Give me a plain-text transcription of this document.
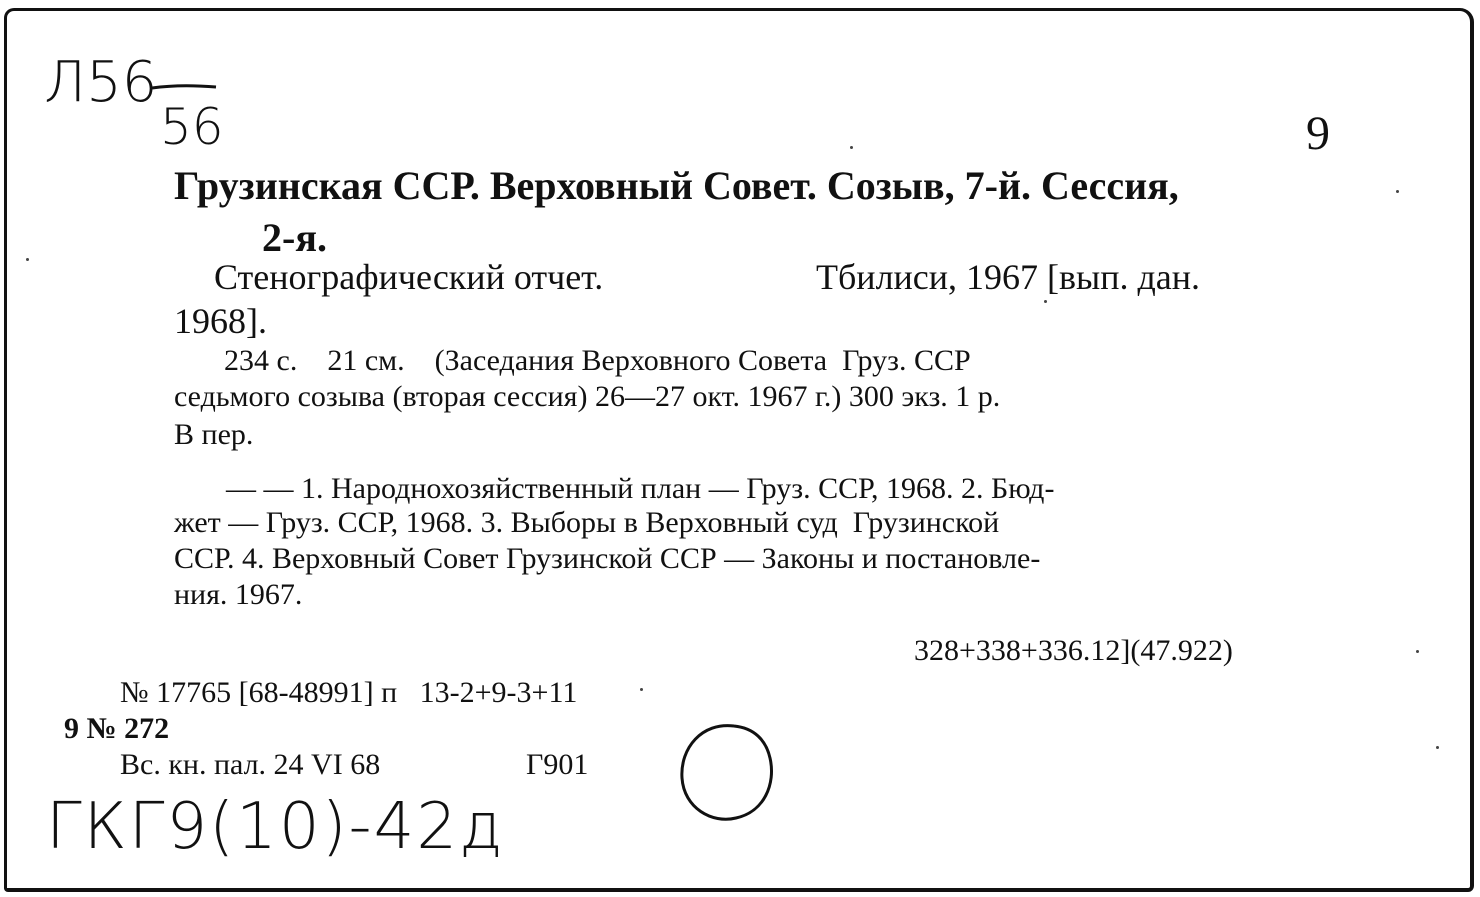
Л56
56	9
Грузинская ССР. Верховный Совет. Созыв, 7-й. Сессия,
2-я.
Стенографический отчет.	Тбилиси, 1967 [вып. дан.
1968].
234 с.    21 см.    (Заседания Верховного Совета  Груз. ССР
седьмого созыва (вторая сессия) 26—27 окт. 1967 г.) 300 экз. 1 р.
В пер.
— — 1. Народнохозяйственный план — Груз. ССР, 1968. 2. Бюд-
жет — Груз. ССР, 1968. 3. Выборы в Верховный суд  Грузинской
ССР. 4. Верховный Совет Грузинской ССР — Законы и постановле-
ния. 1967.
328+338+336.12](47.922)
№ 17765 [68-48991] п   13-2+9-3+11
9 № 272
Вс. кн. пал. 24 VI 68	Г901
ГКГ9(10)-42д
